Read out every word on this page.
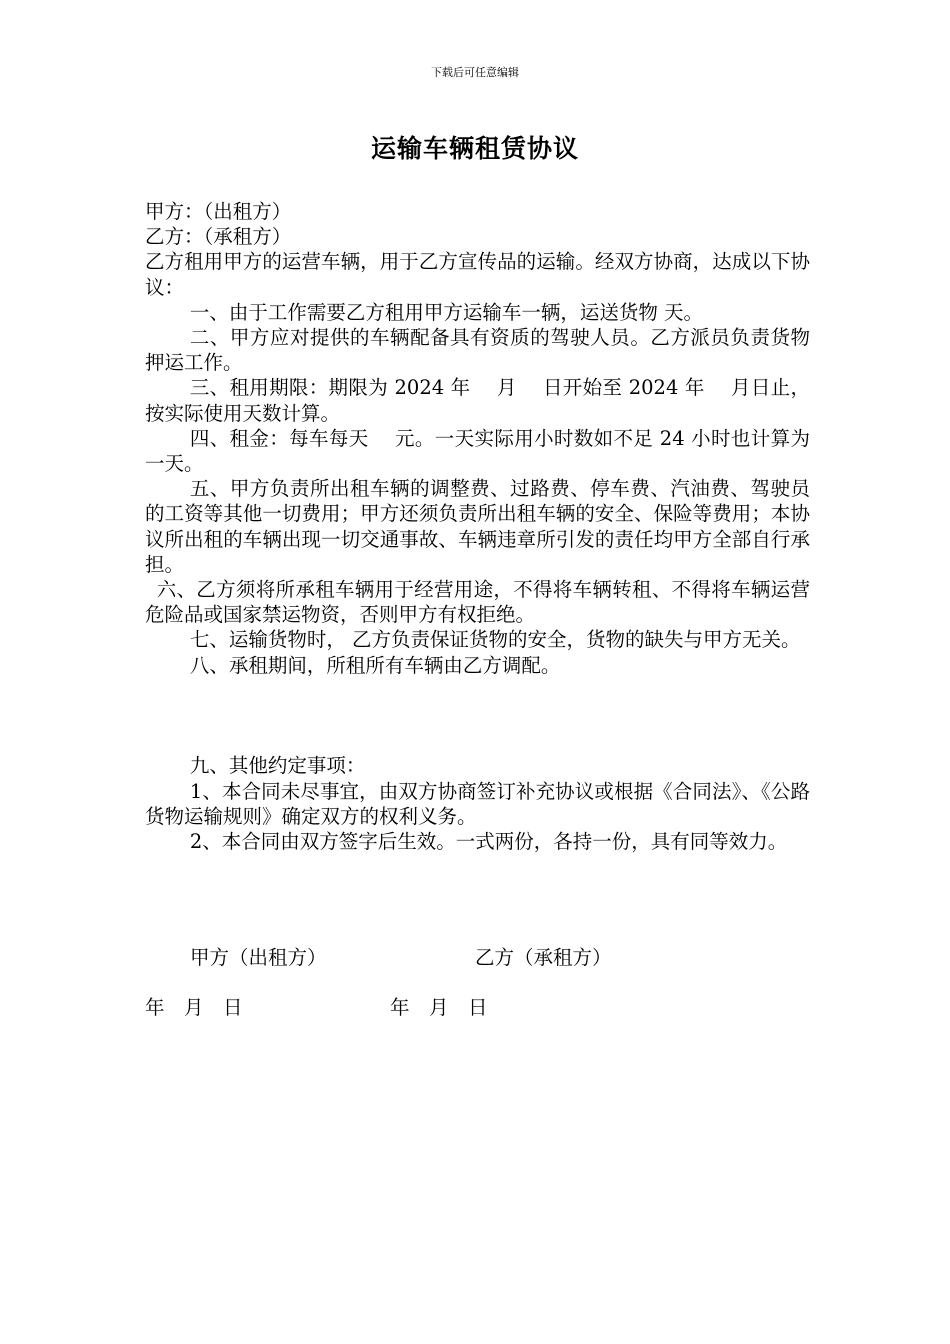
下载后可任意编辑
运输车辆租赁协议

甲方：（出租方）

乙方：（承租方）

乙方租用甲方的运营车辆，用于乙方宣传品的运输。经双方协商，达成以下协议：

一、由于工作需要乙方租用甲方运输车一辆，运送货物 天。

二、甲方应对提供的车辆配备具有资质的驾驶人员。乙方派员负责货物押运工作。

三、租用期限：期限为 2024 年 　月 　日开始至 2024 年 　月日止，按实际使用天数计算。

四、租金：每车每天 　元。一天实际用小时数如不足 24 小时也计算为一天。

五、甲方负责所出租车辆的调整费、过路费、停车费、汽油费、驾驶员的工资等其他一切费用；甲方还须负责所出租车辆的安全、保险等费用；本协议所出租的车辆出现一切交通事故、车辆违章所引发的责任均甲方全部自行承担。

六、乙方须将所承租车辆用于经营用途，不得将车辆转租、不得将车辆运营危险品或国家禁运物资，否则甲方有权拒绝。

七、运输货物时， 乙方负责保证货物的安全，货物的缺失与甲方无关。

八、承租期间，所租所有车辆由乙方调配。

九、其他约定事项：

1、本合同未尽事宜，由双方协商签订补充协议或根据《合同法》、《公路货物运输规则》确定双方的权利义务。

2、本合同由双方签字后生效。一式两份，各持一份，具有同等效力。

甲方（出租方）	乙方（承租方）
年　月　日	年　月　日
